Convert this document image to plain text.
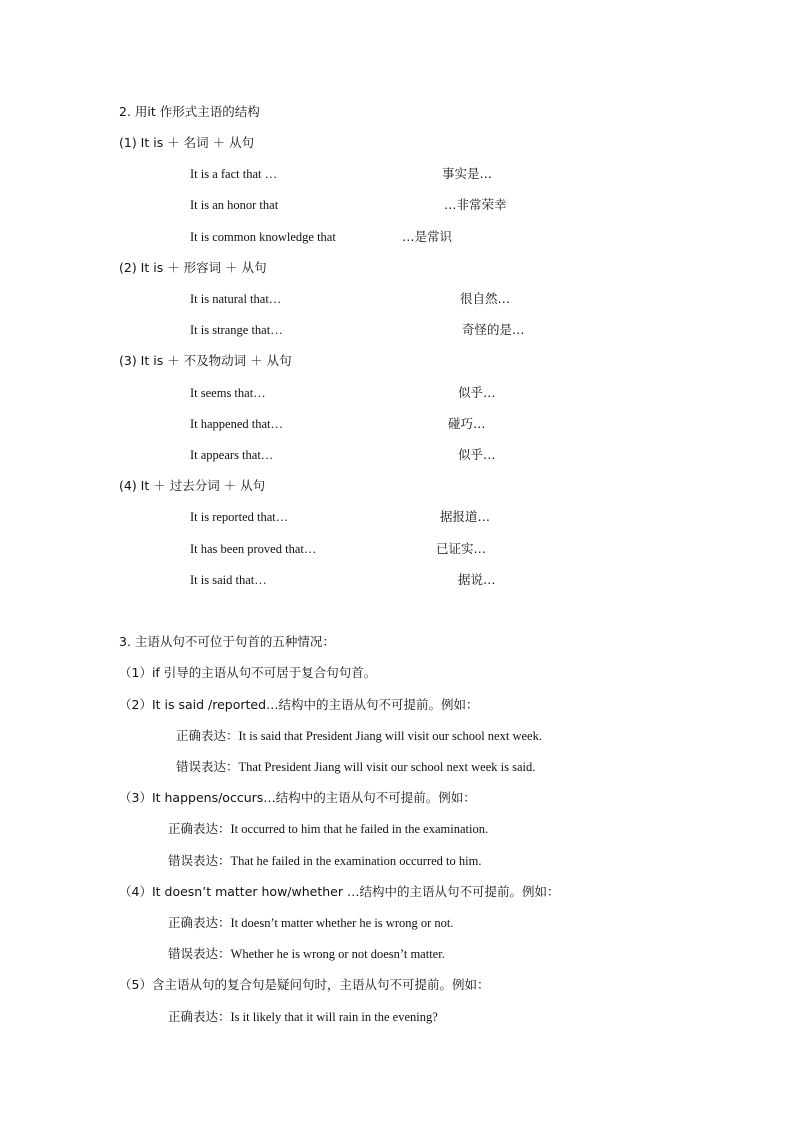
2. 用it 作形式主语的结构
(1) It is ＋ 名词 ＋ 从句
It is a fact that …	事实是…
It is an honor that	…非常荣幸
It is common knowledge that	…是常识
(2) It is ＋ 形容词 ＋ 从句
It is natural that…	很自然…
It is strange that…	奇怪的是…
(3) It is ＋ 不及物动词 ＋ 从句
It seems that…	似乎…
It happened that…	碰巧…
It appears that…	似乎…
(4) It ＋ 过去分词 ＋ 从句
It is reported that…	据报道…
It has been proved that…	已证实…
It is said that…	据说…
3. 主语从句不可位于句首的五种情况：
（1）if 引导的主语从句不可居于复合句句首。
（2）It is said /reported…结构中的主语从句不可提前。例如：
正确表达：It is said that President Jiang will visit our school next week.
错误表达：That President Jiang will visit our school next week is said.
（3）It happens/occurs…结构中的主语从句不可提前。例如：
正确表达：It occurred to him that he failed in the examination.
错误表达：That he failed in the examination occurred to him.
（4）It doesn’t matter how/whether …结构中的主语从句不可提前。例如：
正确表达：It doesn’t matter whether he is wrong or not.
错误表达：Whether he is wrong or not doesn’t matter.
（5）含主语从句的复合句是疑问句时，主语从句不可提前。例如：
正确表达：Is it likely that it will rain in the evening?
